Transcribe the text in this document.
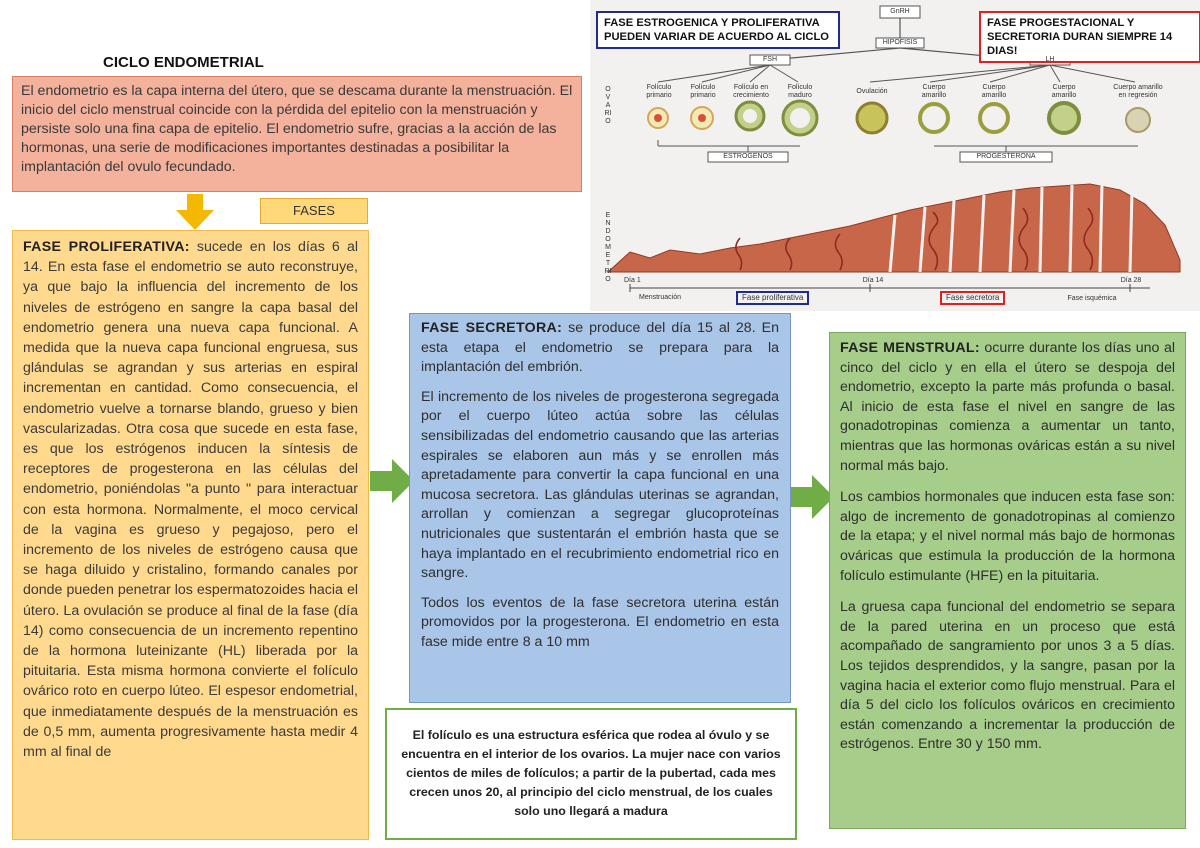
CICLO ENDOMETRIAL
El endometrio es la capa interna del útero, que se descama durante la menstruación. El inicio del ciclo menstrual coincide con la pérdida del epitelio con la menstruación y persiste solo una fina capa de epitelio. El endometrio sufre, gracias a la acción de las hormonas, una serie de modificaciones importantes destinadas a posibilitar la implantación del ovulo fecundado.
FASES
FASE PROLIFERATIVA: sucede en los días 6 al 14. En esta fase el endometrio se auto reconstruye, ya que bajo la influencia del incremento de los niveles de estrógeno en sangre la capa basal del endometrio genera una nueva capa funcional. A medida que la nueva capa funcional engruesa, sus glándulas se agrandan y sus arterias en espiral incrementan en cantidad. Como consecuencia, el endometrio vuelve a tornarse blando, grueso y bien vascularizadas. Otra cosa que sucede en esta fase, es que los estrógenos inducen la síntesis de receptores de progesterona en las células del endometrio, poniéndolas "a punto " para interactuar con esta hormona. Normalmente, el moco cervical de la vagina es grueso y pegajoso, pero el incremento de los niveles de estrógeno causa que se haga diluido y cristalino, formando canales por donde pueden penetrar los espermatozoides hacia el útero. La ovulación se produce al final de la fase (día 14) como consecuencia de un incremento repentino de la hormona luteinizante (HL) liberada por la pituitaria. Esta misma hormona convierte el folículo ovárico roto en cuerpo lúteo. El espesor endometrial, que inmediatamente después de la menstruación es de 0,5 mm, aumenta progresivamente hasta medir 4 mm al final de

FASE SECRETORA: se produce del día 15 al 28. En esta etapa el endometrio se prepara para la implantación del embrión.

El incremento de los niveles de progesterona segregada por el cuerpo lúteo actúa sobre las células sensibilizadas del endometrio causando que las arterias espirales se elaboren aun más y se enrollen más apretadamente para convertir la capa funcional en una mucosa secretora. Las glándulas uterinas se agrandan, arrollan y comienzan a segregar glucoproteínas nutricionales que sustentarán el embrión hasta que se haya implantado en el recubrimiento endometrial rico en sangre.

Todos los eventos de la fase secretora uterina están promovidos por la progesterona. El endometrio en esta fase mide entre 8 a 10 mm

El folículo es una estructura esférica que rodea al óvulo y se encuentra en el interior de los ovarios. La mujer nace con varios cientos de miles de folículos; a partir de la pubertad, cada mes crecen unos 20, al principio del ciclo menstrual, de los cuales solo uno llegará a madura

FASE MENSTRUAL: ocurre durante los días uno al cinco del ciclo y en ella el útero se despoja del endometrio, excepto la parte más profunda o basal. Al inicio de esta fase el nivel en sangre de las gonadotropinas comienza a aumentar un tanto, mientras que las hormonas ováricas están a su nivel normal más bajo.

Los cambios hormonales que inducen esta fase son: algo de incremento de gonadotropinas al comienzo de la etapa; y el nivel normal más bajo de hormonas ováricas que estimula la producción de la hormona folículo estimulante (HFE) en la pituitaria.

La gruesa capa funcional del endometrio se separa de la pared uterina en un proceso que está acompañado de sangramiento por unos 3 a 5 días. Los tejidos desprendidos, y la sangre, pasan por la vagina hacia el exterior como flujo menstrual. Para el día 5 del ciclo los folículos ováricos en crecimiento están comenzando a incrementar la producción de estrógenos. Entre 30 y 150 mm.

FASE ESTROGENICA Y PROLIFERATIVA PUEDEN VARIAR DE ACUERDO AL CICLO
FASE PROGESTACIONAL Y SECRETORIA DURAN SIEMPRE 14 DIAS!
GnRH
HIPOFISIS
FSH	LH
OVARIO
ENDOMETRIO
Folículo primario
Folículo primario
Folículo en crecimiento
Folículo maduro
Ovulación
Cuerpo amarillo
Cuerpo amarillo
Cuerpo amarillo
Cuerpo amarillo en regresión
ESTROGENOS	PROGESTERONA
Día 1	Día 14	Día 28
Menstruación	Fase proliferativa	Fase secretora	Fase isquémica
